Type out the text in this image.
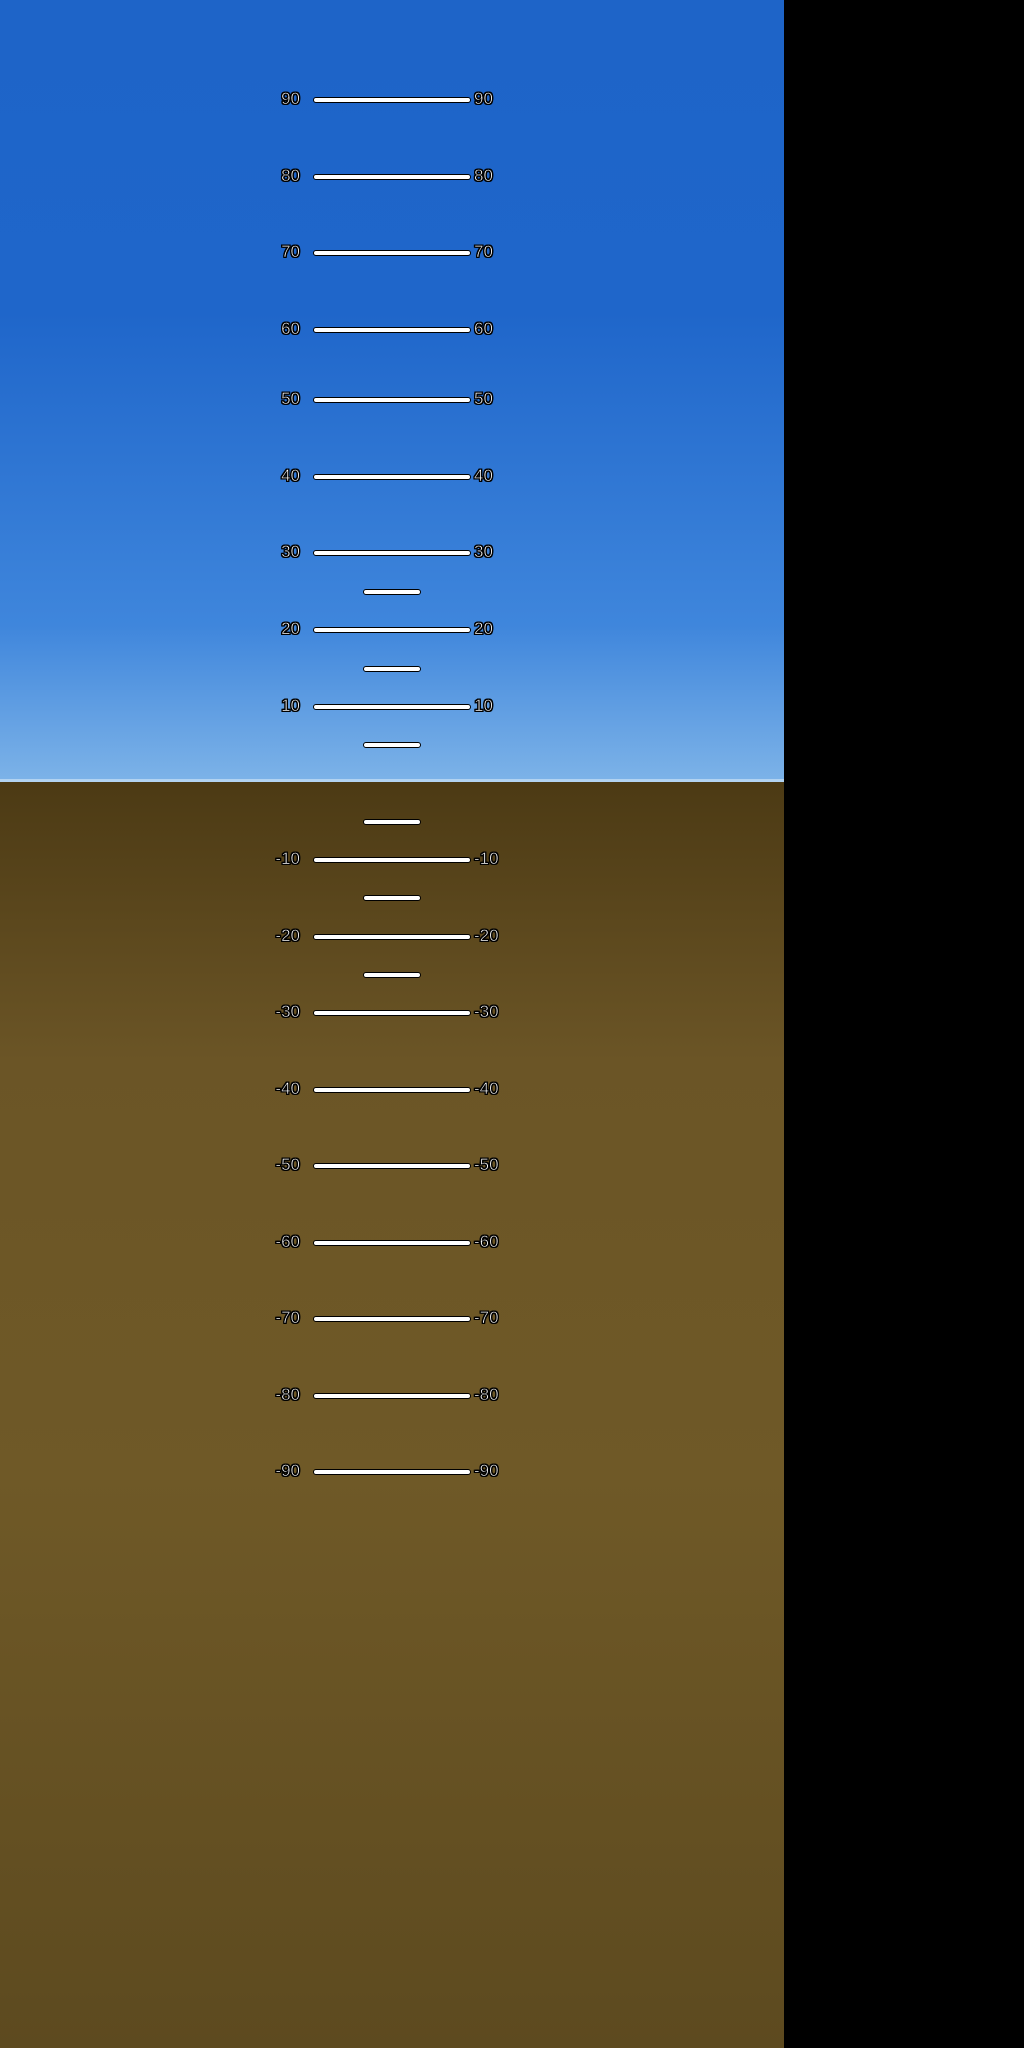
90	90
80	80
70	70
60	60
50	50
40	40
30	30
20	20
10	10
-10	-10
-20	-20
-30	-30
-40	-40
-50	-50
-60	-60
-70	-70
-80	-80
-90	-90
